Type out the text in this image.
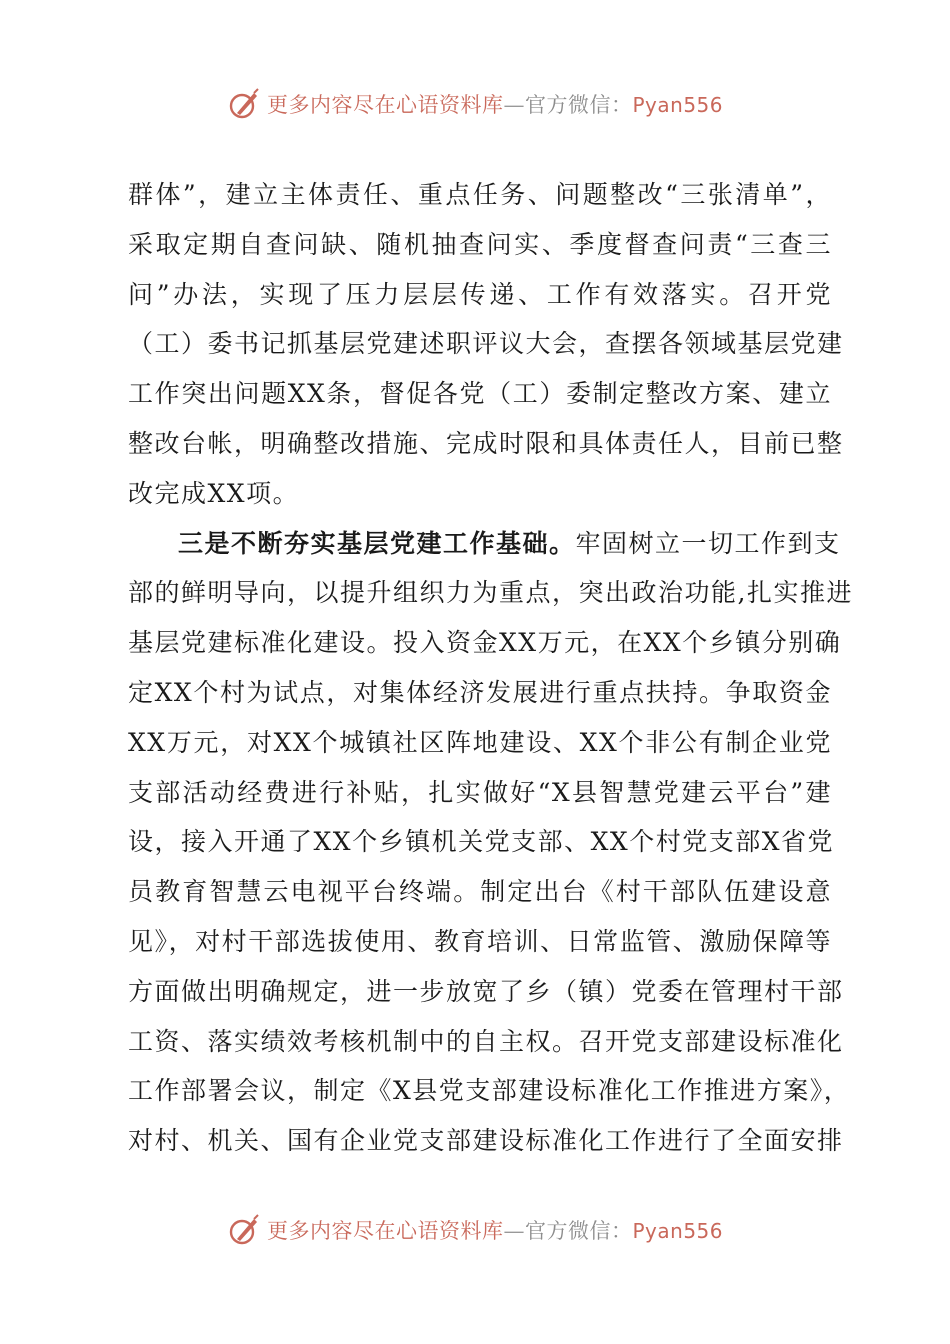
更多内容尽在心语资料库—官方微信：Pyan556

群体”，建立主体责任、重点任务、问题整改“三张清单”，
采取定期自查问缺、随机抽查问实、季度督查问责“三查三
问”办法，实现了压力层层传递、工作有效落实。召开党
（工）委书记抓基层党建述职评议大会，查摆各领域基层党建
工作突出问题XX条，督促各党（工）委制定整改方案、建立
整改台帐，明确整改措施、完成时限和具体责任人，目前已整
改完成XX项。

三是不断夯实基层党建工作基础。牢固树立一切工作到支
部的鲜明导向，以提升组织力为重点，突出政治功能,扎实推进
基层党建标准化建设。投入资金XX万元，在XX个乡镇分别确
定XX个村为试点，对集体经济发展进行重点扶持。争取资金
XX万元，对XX个城镇社区阵地建设、XX个非公有制企业党
支部活动经费进行补贴，扎实做好“X县智慧党建云平台”建
设，接入开通了XX个乡镇机关党支部、XX个村党支部X省党
员教育智慧云电视平台终端。制定出台《村干部队伍建设意
见》，对村干部选拔使用、教育培训、日常监管、激励保障等
方面做出明确规定，进一步放宽了乡（镇）党委在管理村干部
工资、落实绩效考核机制中的自主权。召开党支部建设标准化
工作部署会议，制定《X县党支部建设标准化工作推进方案》，
对村、机关、国有企业党支部建设标准化工作进行了全面安排

更多内容尽在心语资料库—官方微信：Pyan556
